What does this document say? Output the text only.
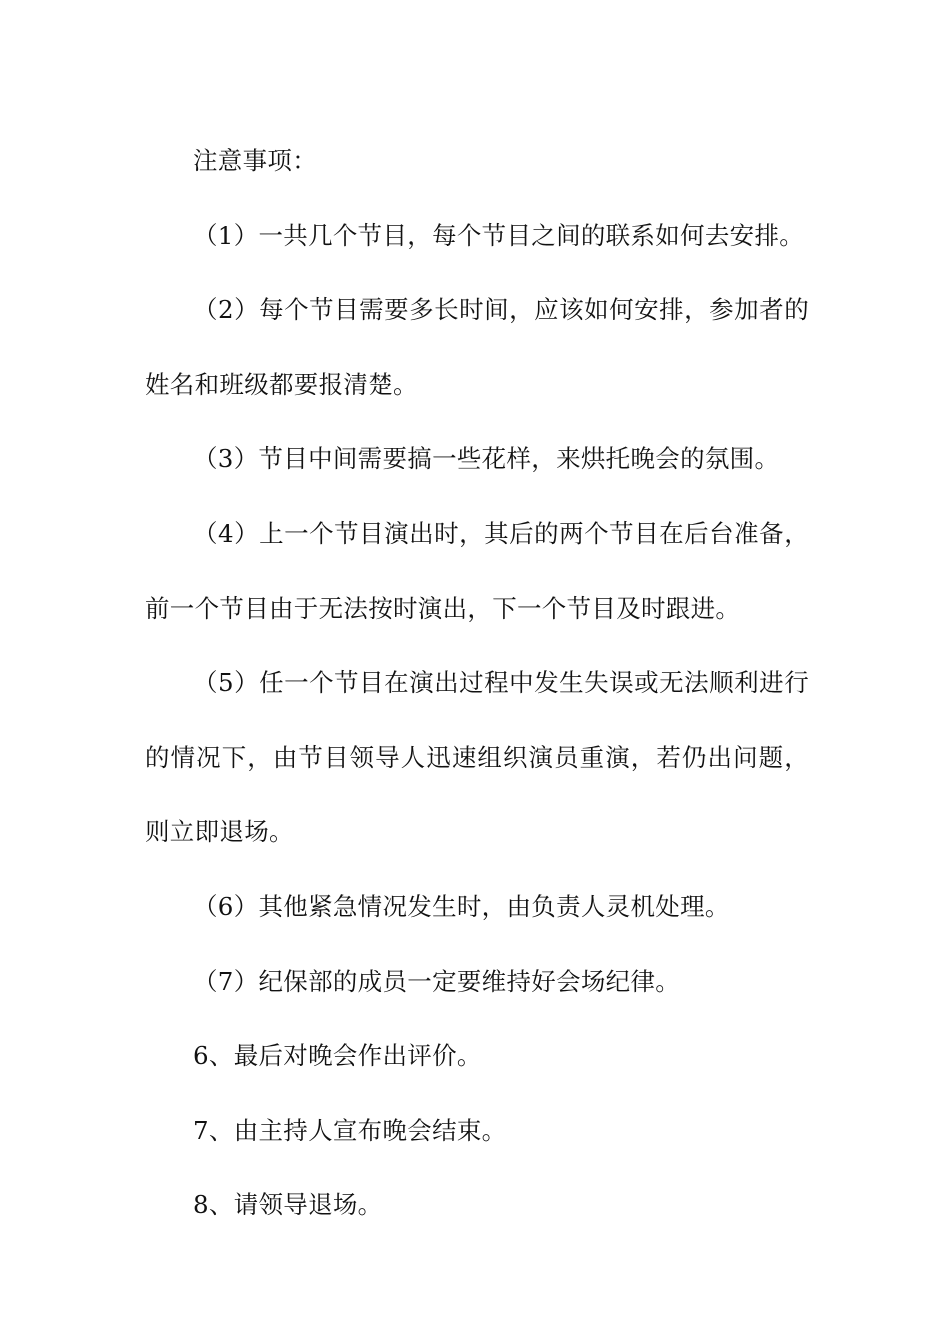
注意事项：

（1）一共几个节目，每个节目之间的联系如何去安排。

（2）每个节目需要多长时间，应该如何安排，参加者的姓名和班级都要报清楚。

（3）节目中间需要搞一些花样，来烘托晚会的氛围。

（4）上一个节目演出时，其后的两个节目在后台准备，前一个节目由于无法按时演出，下一个节目及时跟进。

（5）任一个节目在演出过程中发生失误或无法顺利进行的情况下，由节目领导人迅速组织演员重演，若仍出问题，则立即退场。

（6）其他紧急情况发生时，由负责人灵机处理。

（7）纪保部的成员一定要维持好会场纪律。

6、最后对晚会作出评价。

7、由主持人宣布晚会结束。

8、请领导退场。
